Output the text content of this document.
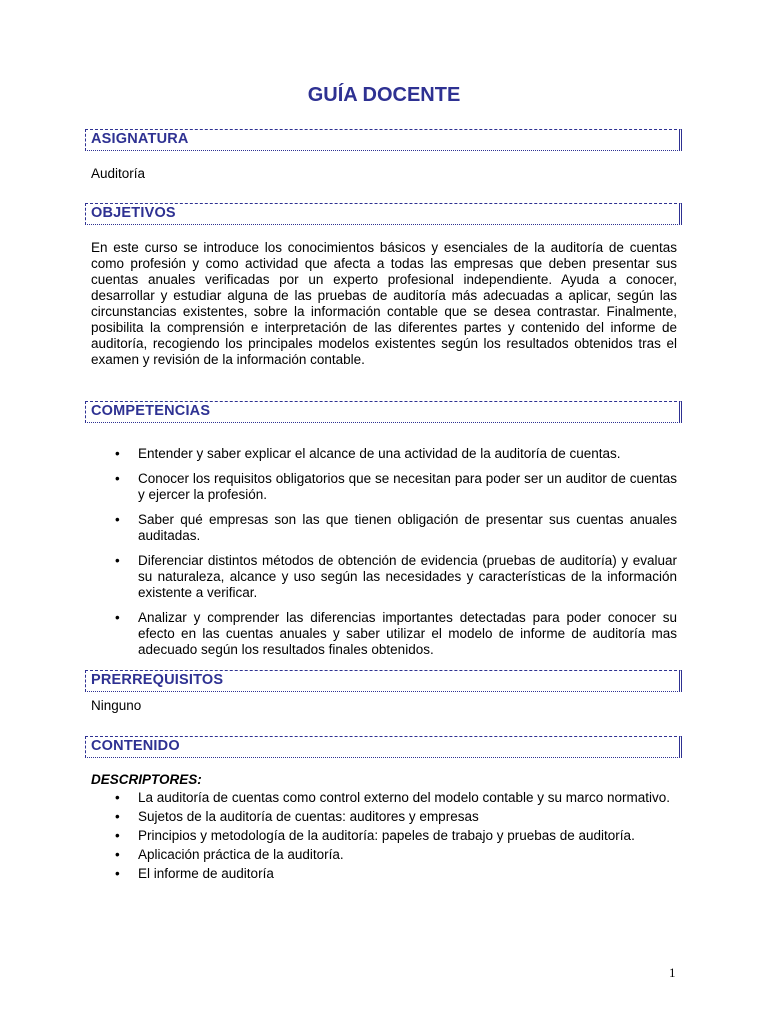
GUÍA DOCENTE
ASIGNATURA

Auditoría

OBJETIVOS

En este curso se introduce los conocimientos básicos y esenciales de la auditoría de cuentas como profesión y como actividad que afecta a todas las empresas que deben presentar sus cuentas anuales verificadas por un experto profesional independiente. Ayuda a conocer, desarrollar y estudiar alguna de las pruebas de auditoría más adecuadas a aplicar, según las circunstancias existentes, sobre la información contable que se desea contrastar. Finalmente, posibilita la comprensión e interpretación de las diferentes partes y contenido del informe de auditoría, recogiendo los principales modelos existentes según los resultados obtenidos tras el examen y revisión de la información contable.

COMPETENCIAS
• Entender y saber explicar el alcance de una actividad de la auditoría de cuentas.
• Conocer los requisitos obligatorios que se necesitan para poder ser un auditor de cuentas y ejercer la profesión.
• Saber qué empresas son las que tienen obligación de presentar sus cuentas anuales auditadas.
• Diferenciar distintos métodos de obtención de evidencia (pruebas de auditoría) y evaluar su naturaleza, alcance y uso según las necesidades y características de la información existente a verificar.
• Analizar y comprender las diferencias importantes detectadas para poder conocer su efecto en las cuentas anuales y saber utilizar el modelo de informe de auditoría mas adecuado según los resultados finales obtenidos.
PRERREQUISITOS

Ninguno

CONTENIDO

DESCRIPTORES:

• La auditoría de cuentas como control externo del modelo contable y su marco normativo.
• Sujetos de la auditoría de cuentas: auditores y empresas
• Principios y metodología de la auditoría: papeles de trabajo y pruebas de auditoría.
• Aplicación práctica de la auditoría.
• El informe de auditoría

1
